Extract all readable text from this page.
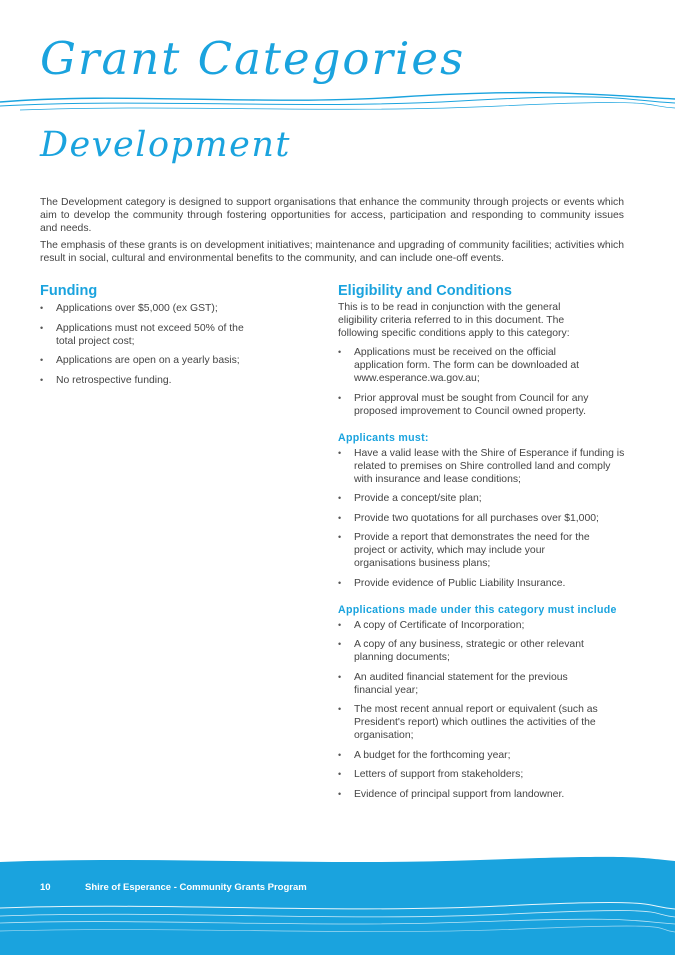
Grant Categories
Development

The Development category is designed to support organisations that enhance the community through projects or events which aim to develop the community through fostering opportunities for access, participation and responding to community issues and needs.

The emphasis of these grants is on development initiatives; maintenance and upgrading of community facilities; activities which result in social, cultural and environmental benefits to the community, and can include one-off events.

Funding
• Applications over $5,000 (ex GST);
• Applications must not exceed 50% of the total project cost;
• Applications are open on a yearly basis;
• No retrospective funding.
Eligibility and Conditions

This is to be read in conjunction with the general eligibility criteria referred to in this document. The following specific conditions apply to this category:

• Applications must be received on the official application form. The form can be downloaded at www.esperance.wa.gov.au;
• Prior approval must be sought from Council for any proposed improvement to Council owned property.
Applicants must:
• Have a valid lease with the Shire of Esperance if funding is related to premises on Shire controlled land and comply with insurance and lease conditions;
• Provide a concept/site plan;
• Provide two quotations for all purchases over $1,000;
• Provide a report that demonstrates the need for the project or activity, which may include your organisations business plans;
• Provide evidence of Public Liability Insurance.
Applications made under this category must include
• A copy of Certificate of Incorporation;
• A copy of any business, strategic or other relevant planning documents;
• An audited financial statement for the previous financial year;
• The most recent annual report or equivalent (such as President's report) which outlines the activities of the organisation;
• A budget for the forthcoming year;
• Letters of support from stakeholders;
• Evidence of principal support from landowner.
10	Shire of Esperance - Community Grants Program
